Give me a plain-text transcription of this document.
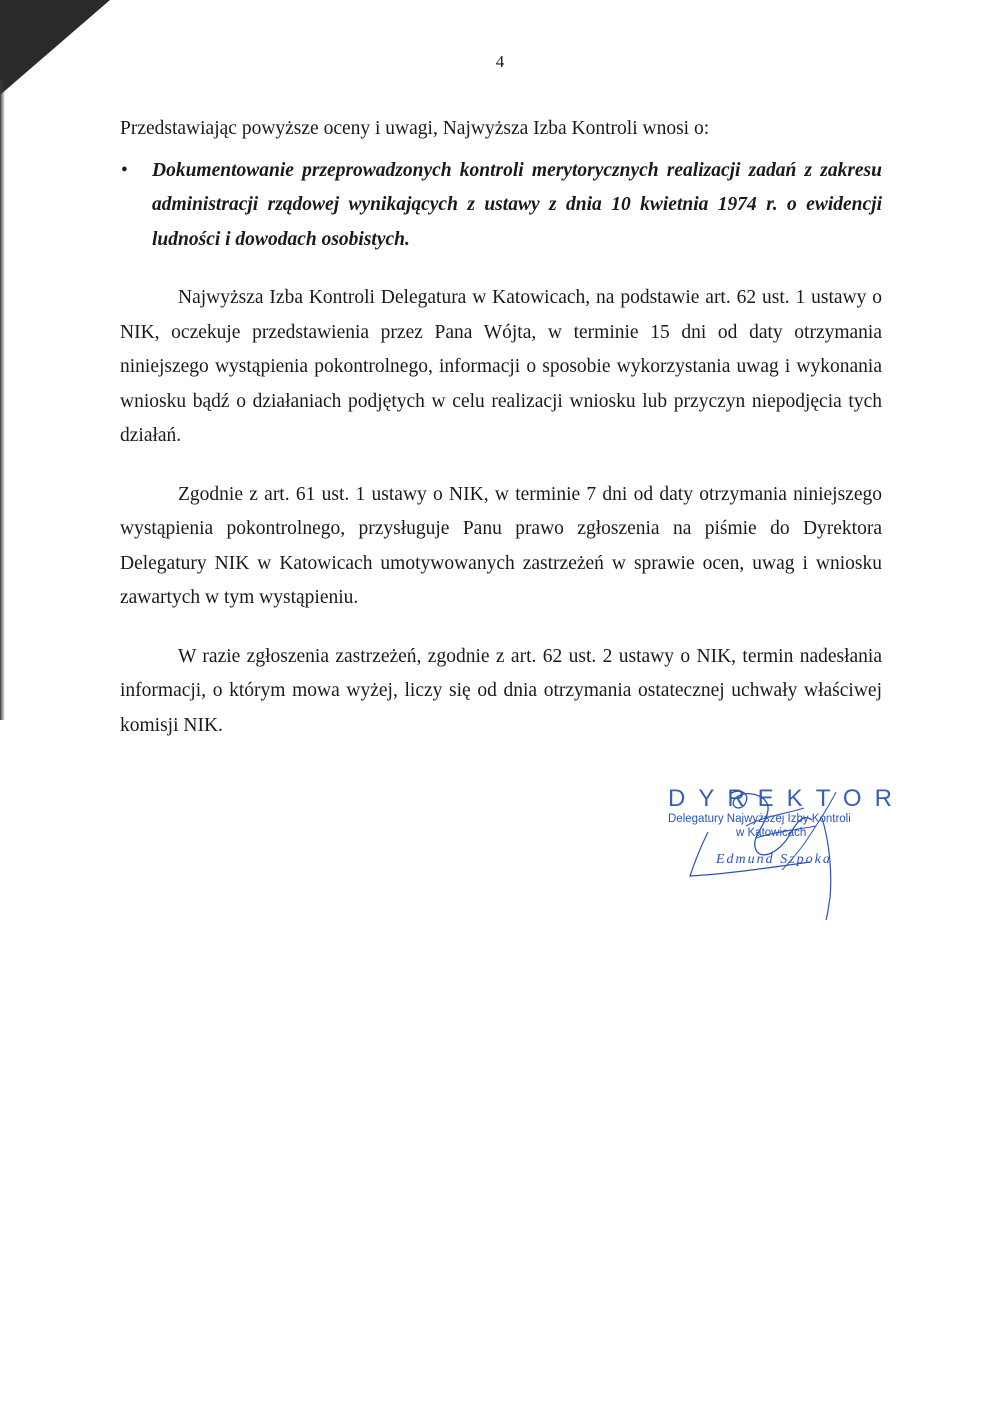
4

Przedstawiając powyższe oceny i uwagi, Najwyższa Izba Kontroli wnosi o:

• Dokumentowanie przeprowadzonych kontroli merytorycznych realizacji zadań z zakresu administracji rządowej wynikających z ustawy z dnia 10 kwietnia 1974 r. o ewidencji ludności i dowodach osobistych.

Najwyższa Izba Kontroli Delegatura w Katowicach, na podstawie art. 62 ust. 1 ustawy o NIK, oczekuje przedstawienia przez Pana Wójta, w terminie 15 dni od daty otrzymania niniejszego wystąpienia pokontrolnego, informacji o sposobie wykorzystania uwag i wykonania wniosku bądź o działaniach podjętych w celu realizacji wniosku lub przyczyn niepodjęcia tych działań.

Zgodnie z art. 61 ust. 1 ustawy o NIK, w terminie 7 dni od daty otrzymania niniejszego wystąpienia pokontrolnego, przysługuje Panu prawo zgłoszenia na piśmie do Dyrektora Delegatury NIK w Katowicach umotywowanych zastrzeżeń w sprawie ocen, uwag i wniosku zawartych w tym wystąpieniu.

W razie zgłoszenia zastrzeżeń, zgodnie z art. 62 ust. 2 ustawy o NIK, termin nadesłania informacji, o którym mowa wyżej, liczy się od dnia otrzymania ostatecznej uchwały właściwej komisji NIK.

DYREKTOR
Delegatury Najwyższej Izby Kontroli
w Katowicach
Edmund Szpoka
